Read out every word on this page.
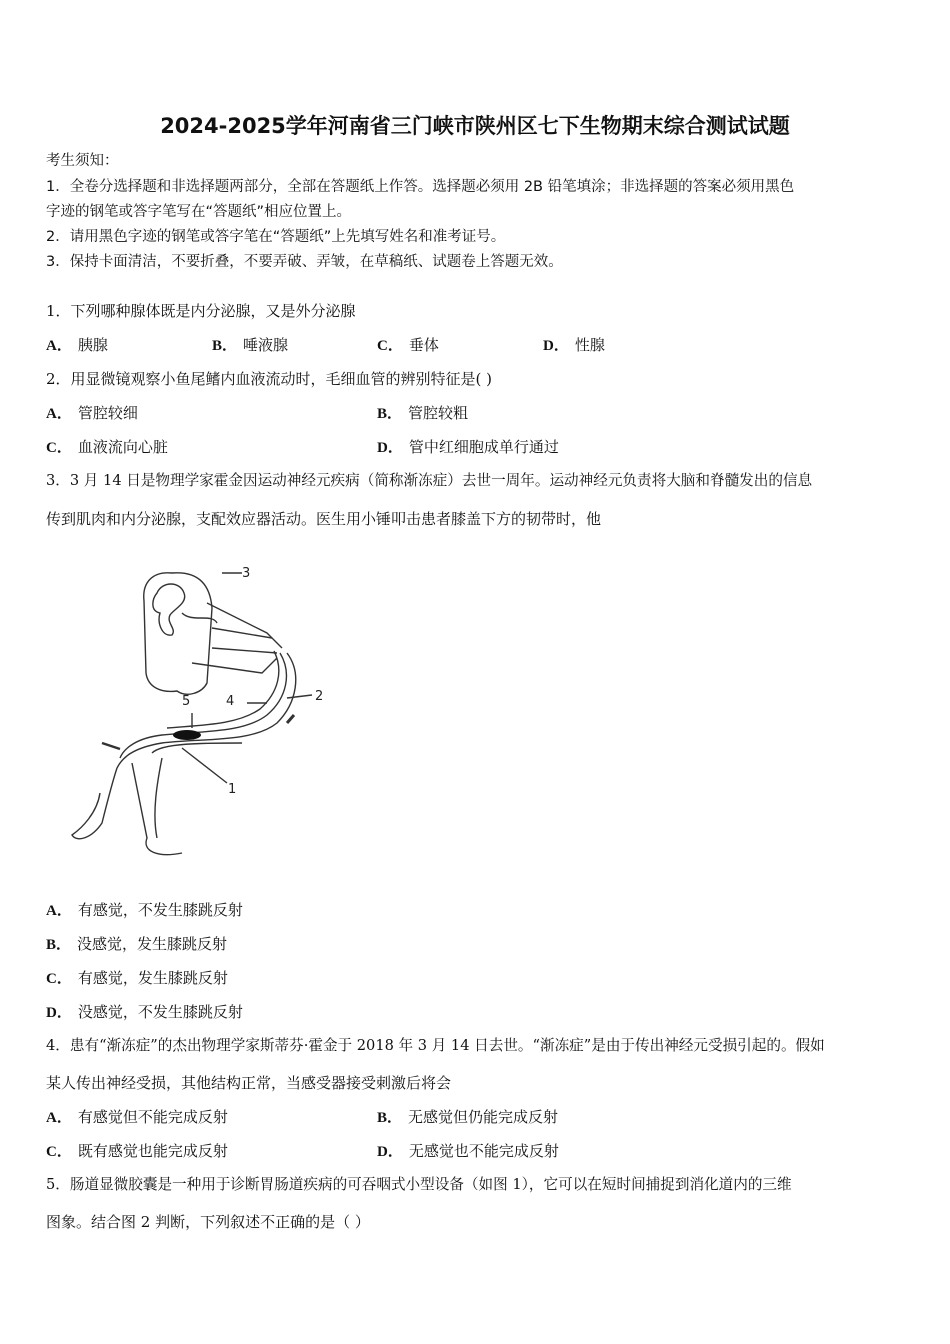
2024-2025学年河南省三门峡市陕州区七下生物期末综合测试试题
考生须知：
1．全卷分选择题和非选择题两部分，全部在答题纸上作答。选择题必须用 2B 铅笔填涂；非选择题的答案必须用黑色
字迹的钢笔或答字笔写在“答题纸”相应位置上。
2．请用黑色字迹的钢笔或答字笔在“答题纸”上先填写姓名和准考证号。
3．保持卡面清洁，不要折叠，不要弄破、弄皱，在草稿纸、试题卷上答题无效。
1．下列哪种腺体既是内分泌腺，又是外分泌腺
A． 胰腺	B． 唾液腺	C． 垂体	D． 性腺
2．用显微镜观察小鱼尾鳍内血液流动时，毛细血管的辨别特征是( )
A． 管腔较细	B． 管腔较粗
C． 血液流向心脏	D． 管中红细胞成单行通过
3．3 月 14 日是物理学家霍金因运动神经元疾病（简称渐冻症）去世一周年。运动神经元负责将大脑和脊髓发出的信息
传到肌肉和内分泌腺，支配效应器活动。医生用小锤叩击患者膝盖下方的韧带时，他
3
2
4
5
1
A． 有感觉，不发生膝跳反射
B． 没感觉，发生膝跳反射
C． 有感觉，发生膝跳反射
D． 没感觉，不发生膝跳反射
4．患有“渐冻症”的杰出物理学家斯蒂芬·霍金于 2018 年 3 月 14 日去世。“渐冻症”是由于传出神经元受损引起的。假如
某人传出神经受损，其他结构正常，当感受器接受刺激后将会
A． 有感觉但不能完成反射	B． 无感觉但仍能完成反射
C． 既有感觉也能完成反射	D． 无感觉也不能完成反射
5．肠道显微胶囊是一种用于诊断胃肠道疾病的可吞咽式小型设备（如图 1），它可以在短时间捕捉到消化道内的三维
图象。结合图 2 判断，下列叙述不正确的是（ ）
